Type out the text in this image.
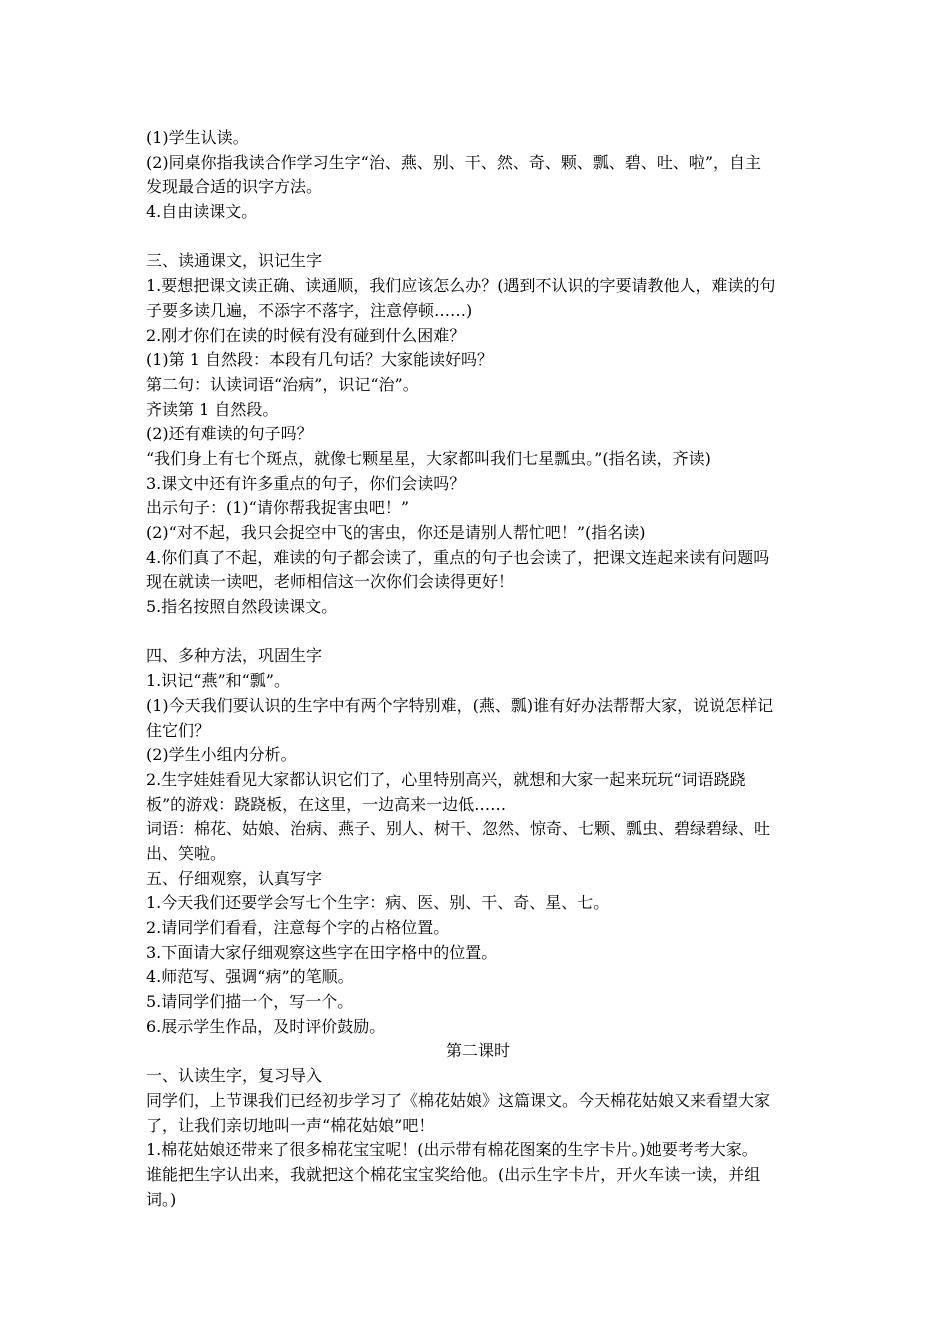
(1)学生认读。
(2)同桌你指我读合作学习生字“治、燕、别、干、然、奇、颗、瓢、碧、吐、啦”，自主
发现最合适的识字方法。
4.自由读课文。
三、读通课文，识记生字
1.要想把课文读正确、读通顺，我们应该怎么办？(遇到不认识的字要请教他人，难读的句
子要多读几遍，不添字不落字，注意停顿……)
2.刚才你们在读的时候有没有碰到什么困难？
(1)第 1 自然段：本段有几句话？大家能读好吗？
第二句：认读词语“治病”，识记“治”。
齐读第 1 自然段。
(2)还有难读的句子吗？
“我们身上有七个斑点，就像七颗星星，大家都叫我们七星瓢虫。”(指名读，齐读)
3.课文中还有许多重点的句子，你们会读吗？
出示句子：(1)“请你帮我捉害虫吧！”
(2)“对不起，我只会捉空中飞的害虫，你还是请别人帮忙吧！”(指名读)
4.你们真了不起，难读的句子都会读了，重点的句子也会读了，把课文连起来读有问题吗
现在就读一读吧，老师相信这一次你们会读得更好！
5.指名按照自然段读课文。
四、多种方法，巩固生字
1.识记“燕”和“瓢”。
(1)今天我们要认识的生字中有两个字特别难，(燕、瓢)谁有好办法帮帮大家，说说怎样记
住它们？
(2)学生小组内分析。
2.生字娃娃看见大家都认识它们了，心里特别高兴，就想和大家一起来玩玩“词语跷跷
板”的游戏：跷跷板，在这里，一边高来一边低……
词语：棉花、姑娘、治病、燕子、别人、树干、忽然、惊奇、七颗、瓢虫、碧绿碧绿、吐
出、笑啦。
五、仔细观察，认真写字
1.今天我们还要学会写七个生字：病、医、别、干、奇、星、七。
2.请同学们看看，注意每个字的占格位置。
3.下面请大家仔细观察这些字在田字格中的位置。
4.师范写、强调“病”的笔顺。
5.请同学们描一个，写一个。
6.展示学生作品，及时评价鼓励。
第二课时
一、认读生字，复习导入
同学们，上节课我们已经初步学习了《棉花姑娘》这篇课文。今天棉花姑娘又来看望大家
了，让我们亲切地叫一声“棉花姑娘”吧！
1.棉花姑娘还带来了很多棉花宝宝呢！(出示带有棉花图案的生字卡片。)她要考考大家。
谁能把生字认出来，我就把这个棉花宝宝奖给他。(出示生字卡片，开火车读一读，并组
词。)
